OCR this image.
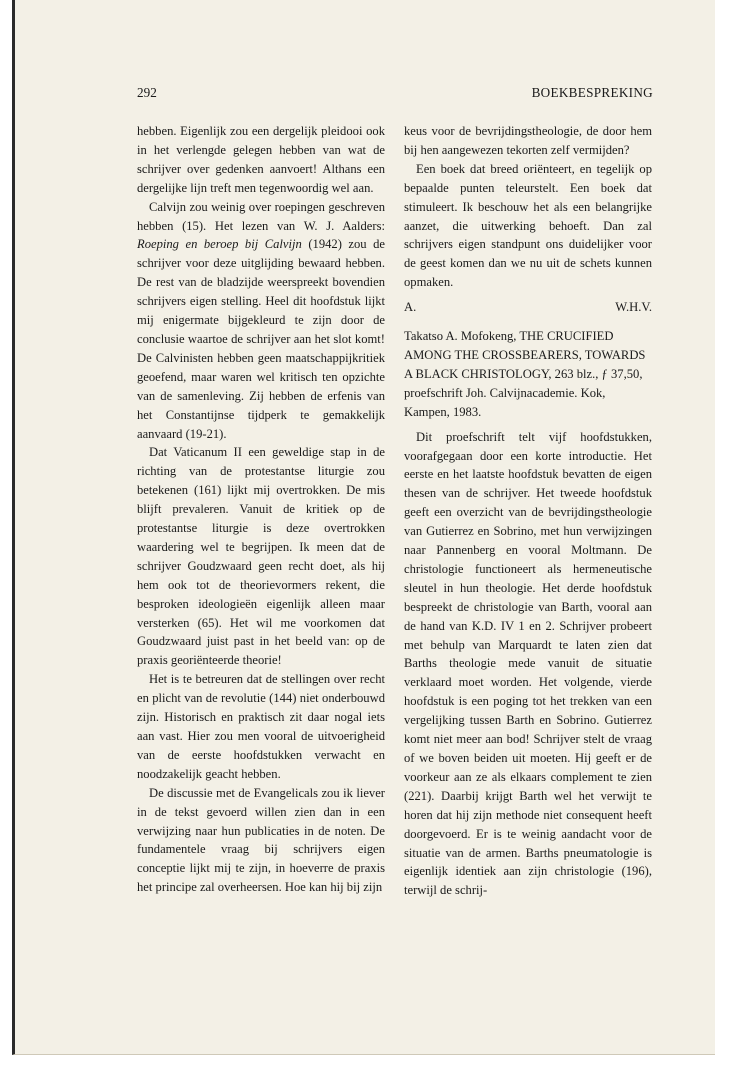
292	BOEKBESPREKING

hebben. Eigenlijk zou een dergelijk pleidooi ook in het verlengde gelegen hebben van wat de schrijver over gedenken aanvoert! Althans een dergelijke lijn treft men tegenwoordig wel aan.

Calvijn zou weinig over roepingen geschreven hebben (15). Het lezen van W. J. Aalders: Roeping en beroep bij Calvijn (1942) zou de schrijver voor deze uitglijding bewaard hebben. De rest van de bladzijde weerspreekt bovendien schrijvers eigen stelling. Heel dit hoofdstuk lijkt mij enigermate bijgekleurd te zijn door de conclusie waartoe de schrijver aan het slot komt! De Calvinisten hebben geen maatschappijkritiek geoefend, maar waren wel kritisch ten opzichte van de samenleving. Zij hebben de erfenis van het Constantijnse tijdperk te gemakkelijk aanvaard (19-21).

Dat Vaticanum II een geweldige stap in de richting van de protestantse liturgie zou betekenen (161) lijkt mij overtrokken. De mis blijft prevaleren. Vanuit de kritiek op de protestantse liturgie is deze overtrokken waardering wel te begrijpen. Ik meen dat de schrijver Goudzwaard geen recht doet, als hij hem ook tot de theorievormers rekent, die besproken ideologieën eigenlijk alleen maar versterken (65). Het wil me voorkomen dat Goudzwaard juist past in het beeld van: op de praxis georiënteerde theorie!

Het is te betreuren dat de stellingen over recht en plicht van de revolutie (144) niet onderbouwd zijn. Historisch en praktisch zit daar nogal iets aan vast. Hier zou men vooral de uitvoerigheid van de eerste hoofdstukken verwacht en noodzakelijk geacht hebben.

De discussie met de Evangelicals zou ik liever in de tekst gevoerd willen zien dan in een verwijzing naar hun publicaties in de noten. De fundamentele vraag bij schrijvers eigen conceptie lijkt mij te zijn, in hoeverre de praxis het principe zal overheersen. Hoe kan hij bij zijn

keus voor de bevrijdingstheologie, de door hem bij hen aangewezen tekorten zelf vermijden?

Een boek dat breed oriënteert, en tegelijk op bepaalde punten teleurstelt. Een boek dat stimuleert. Ik beschouw het als een belangrijke aanzet, die uitwerking behoeft. Dan zal schrijvers eigen standpunt ons duidelijker voor de geest komen dan we nu uit de schets kunnen opmaken.

A.	W.H.V.

Takatso A. Mofokeng, THE CRUCIFIED AMONG THE CROSSBEARERS, TOWARDS A BLACK CHRISTOLOGY, 263 blz., ƒ 37,50, proefschrift Joh. Calvijnacademie. Kok, Kampen, 1983.

Dit proefschrift telt vijf hoofdstukken, voorafgegaan door een korte introductie. Het eerste en het laatste hoofdstuk bevatten de eigen thesen van de schrijver. Het tweede hoofdstuk geeft een overzicht van de bevrijdingstheologie van Gutierrez en Sobrino, met hun verwijzingen naar Pannenberg en vooral Moltmann. De christologie functioneert als hermeneutische sleutel in hun theologie. Het derde hoofdstuk bespreekt de christologie van Barth, vooral aan de hand van K.D. IV 1 en 2. Schrijver probeert met behulp van Marquardt te laten zien dat Barths theologie mede vanuit de situatie verklaard moet worden. Het volgende, vierde hoofdstuk is een poging tot het trekken van een vergelijking tussen Barth en Sobrino. Gutierrez komt niet meer aan bod! Schrijver stelt de vraag of we boven beiden uit moeten. Hij geeft er de voorkeur aan ze als elkaars complement te zien (221). Daarbij krijgt Barth wel het verwijt te horen dat hij zijn methode niet consequent heeft doorgevoerd. Er is te weinig aandacht voor de situatie van de armen. Barths pneumatologie is eigenlijk identiek aan zijn christologie (196), terwijl de schrij-
